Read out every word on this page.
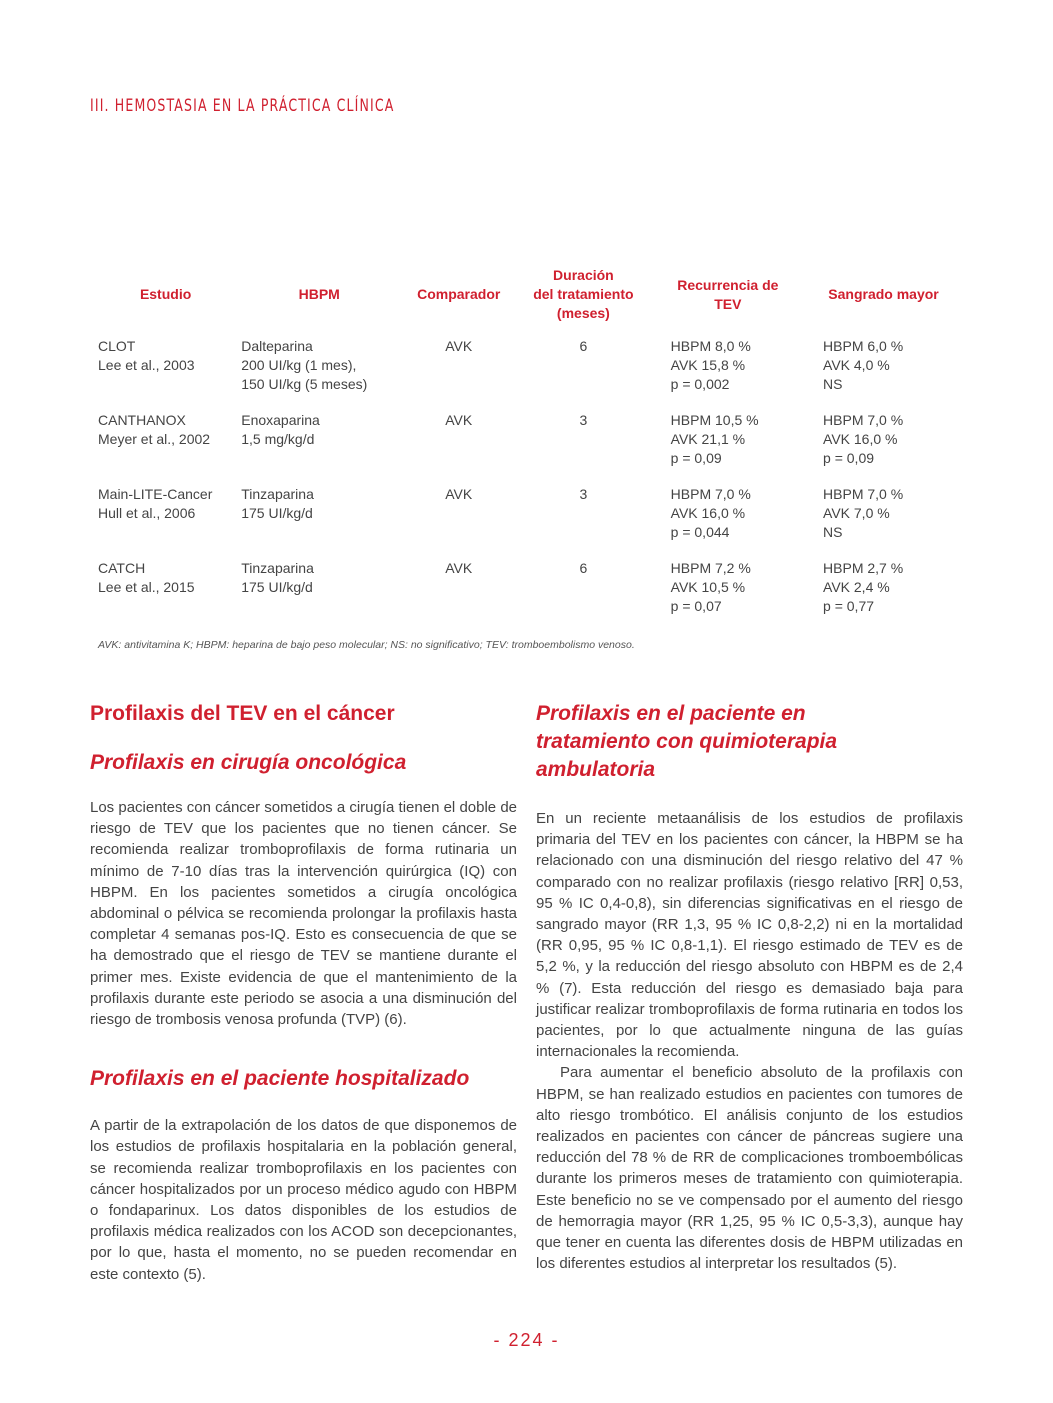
III. HEMOSTASIA EN LA PRÁCTICA CLÍNICA
Estudio	HBPM	Comparador	Duración
del tratamiento
(meses)	Recurrencia de
TEV	Sangrado mayor

CLOT
Lee et al., 2003	Dalteparina
200 UI/kg (1 mes),
150 UI/kg (5 meses)	AVK	6	HBPM 8,0 %
AVK 15,8 %
p = 0,002	HBPM 6,0 %
AVK 4,0 %
NS

CANTHANOX
Meyer et al., 2002	Enoxaparina
1,5 mg/kg/d	AVK	3	HBPM 10,5 %
AVK 21,1 %
p = 0,09	HBPM 7,0 %
AVK 16,0 %
p = 0,09

Main-LITE-Cancer
Hull et al., 2006	Tinzaparina
175 UI/kg/d	AVK	3	HBPM 7,0 %
AVK 16,0 %
p = 0,044	HBPM 7,0 %
AVK 7,0 %
NS

CATCH
Lee et al., 2015	Tinzaparina
175 UI/kg/d	AVK	6	HBPM 7,2 %
AVK 10,5 %
p = 0,07	HBPM 2,7 %
AVK 2,4 %
p = 0,77
AVK: antivitamina K; HBPM: heparina de bajo peso molecular; NS: no significativo; TEV: tromboembolismo venoso.
Profilaxis del TEV en el cáncer
Profilaxis en cirugía oncológica

Los pacientes con cáncer sometidos a cirugía tienen el doble de riesgo de TEV que los pacientes que no tienen cáncer. Se recomienda realizar tromboprofilaxis de forma rutinaria un mínimo de 7-10 días tras la intervención quirúrgica (IQ) con HBPM. En los pacientes sometidos a cirugía oncológica abdominal o pélvica se recomienda prolongar la profilaxis hasta completar 4 semanas pos-IQ. Esto es consecuencia de que se ha demostrado que el riesgo de TEV se mantiene durante el primer mes. Existe evidencia de que el mantenimiento de la profilaxis durante este periodo se asocia a una disminución del riesgo de trombosis venosa profunda (TVP) (6).

Profilaxis en el paciente hospitalizado

A partir de la extrapolación de los datos de que disponemos de los estudios de profilaxis hospitalaria en la población general, se recomienda realizar tromboprofilaxis en los pacientes con cáncer hospitalizados por un proceso médico agudo con HBPM o fondaparinux. Los datos disponibles de los estudios de profilaxis médica realizados con los ACOD son decepcionantes, por lo que, hasta el momento, no se pueden recomendar en este contexto (5).

Profilaxis en el paciente en tratamiento con quimioterapia ambulatoria

En un reciente metaanálisis de los estudios de profilaxis primaria del TEV en los pacientes con cáncer, la HBPM se ha relacionado con una disminución del riesgo relativo del 47 % comparado con no realizar profilaxis (riesgo relativo [RR] 0,53, 95 % IC 0,4-0,8), sin diferencias significativas en el riesgo de sangrado mayor (RR 1,3, 95 % IC 0,8-2,2) ni en la mortalidad (RR 0,95, 95 % IC 0,8-1,1). El riesgo estimado de TEV es de 5,2 %, y la reducción del riesgo absoluto con HBPM es de 2,4 % (7). Esta reducción del riesgo es demasiado baja para justificar realizar tromboprofilaxis de forma rutinaria en todos los pacientes, por lo que actualmente ninguna de las guías internacionales la recomienda.

Para aumentar el beneficio absoluto de la profilaxis con HBPM, se han realizado estudios en pacientes con tumores de alto riesgo trombótico. El análisis conjunto de los estudios realizados en pacientes con cáncer de páncreas sugiere una reducción del 78 % de RR de complicaciones tromboembólicas durante los primeros meses de tratamiento con quimioterapia. Este beneficio no se ve compensado por el aumento del riesgo de hemorragia mayor (RR 1,25, 95 % IC 0,5-3,3), aunque hay que tener en cuenta las diferentes dosis de HBPM utilizadas en los diferentes estudios al interpretar los resultados (5).

- 224 -
